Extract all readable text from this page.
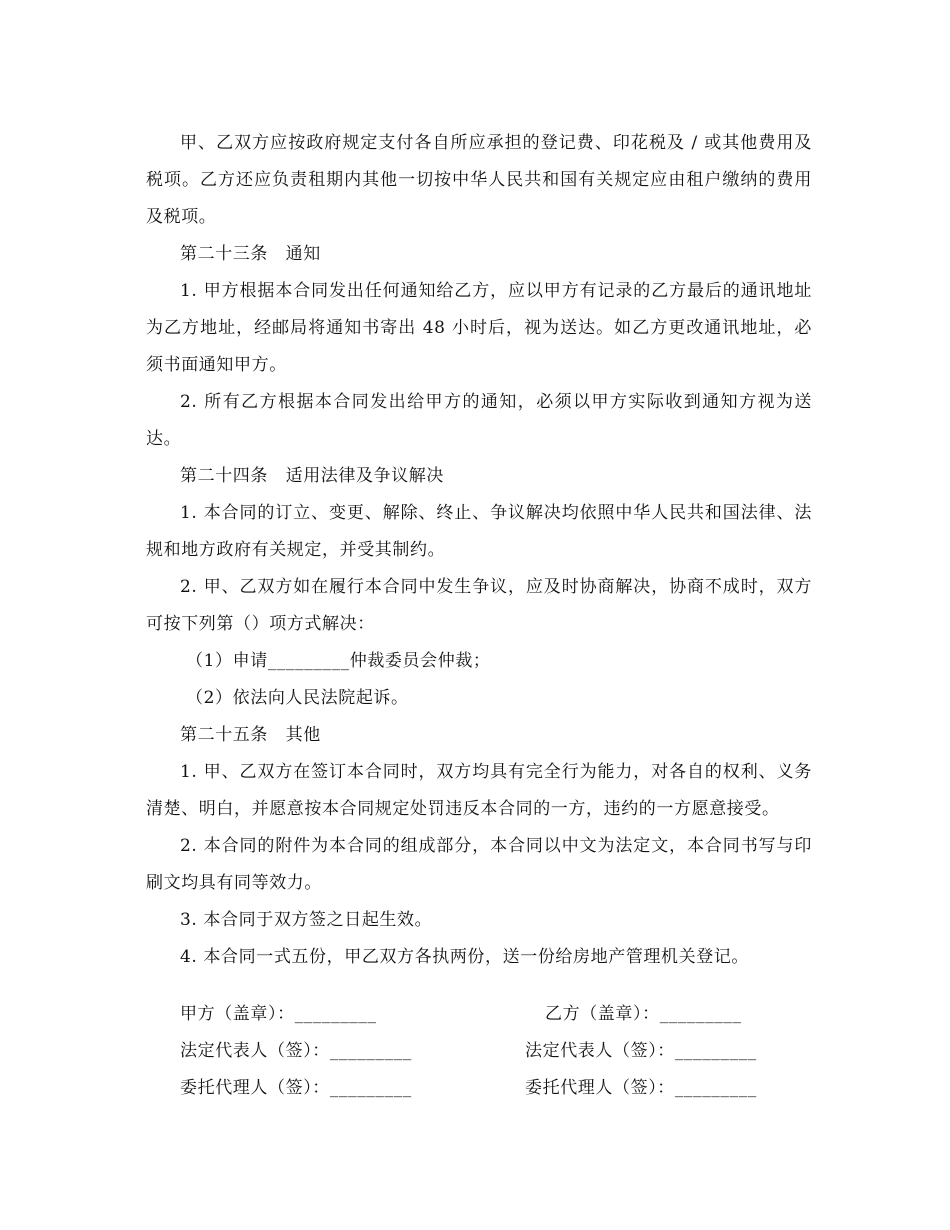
甲、乙双方应按政府规定支付各自所应承担的登记费、印花税及 / 或其他费用及税项。乙方还应负责租期内其他一切按中华人民共和国有关规定应由租户缴纳的费用及税项。

第二十三条　通知

1. 甲方根据本合同发出任何通知给乙方，应以甲方有记录的乙方最后的通讯地址为乙方地址，经邮局将通知书寄出 48 小时后，视为送达。如乙方更改通讯地址，必须书面通知甲方。

2. 所有乙方根据本合同发出给甲方的通知，必须以甲方实际收到通知方视为送达。

第二十四条　适用法律及争议解决

1. 本合同的订立、变更、解除、终止、争议解决均依照中华人民共和国法律、法规和地方政府有关规定，并受其制约。

2. 甲、乙双方如在履行本合同中发生争议，应及时协商解决，协商不成时，双方可按下列第（）项方式解决：

（1）申请_________仲裁委员会仲裁；

（2）依法向人民法院起诉。

第二十五条　其他

1. 甲、乙双方在签订本合同时，双方均具有完全行为能力，对各自的权利、义务清楚、明白，并愿意按本合同规定处罚违反本合同的一方，违约的一方愿意接受。

2. 本合同的附件为本合同的组成部分，本合同以中文为法定文，本合同书写与印刷文均具有同等效力。

3. 本合同于双方签之日起生效。

4. 本合同一式五份，甲乙双方各执两份，送一份给房地产管理机关登记。

甲方（盖章）：_________	乙方（盖章）：_________
法定代表人（签）：_________	法定代表人（签）：_________
委托代理人（签）：_________	委托代理人（签）：_________
